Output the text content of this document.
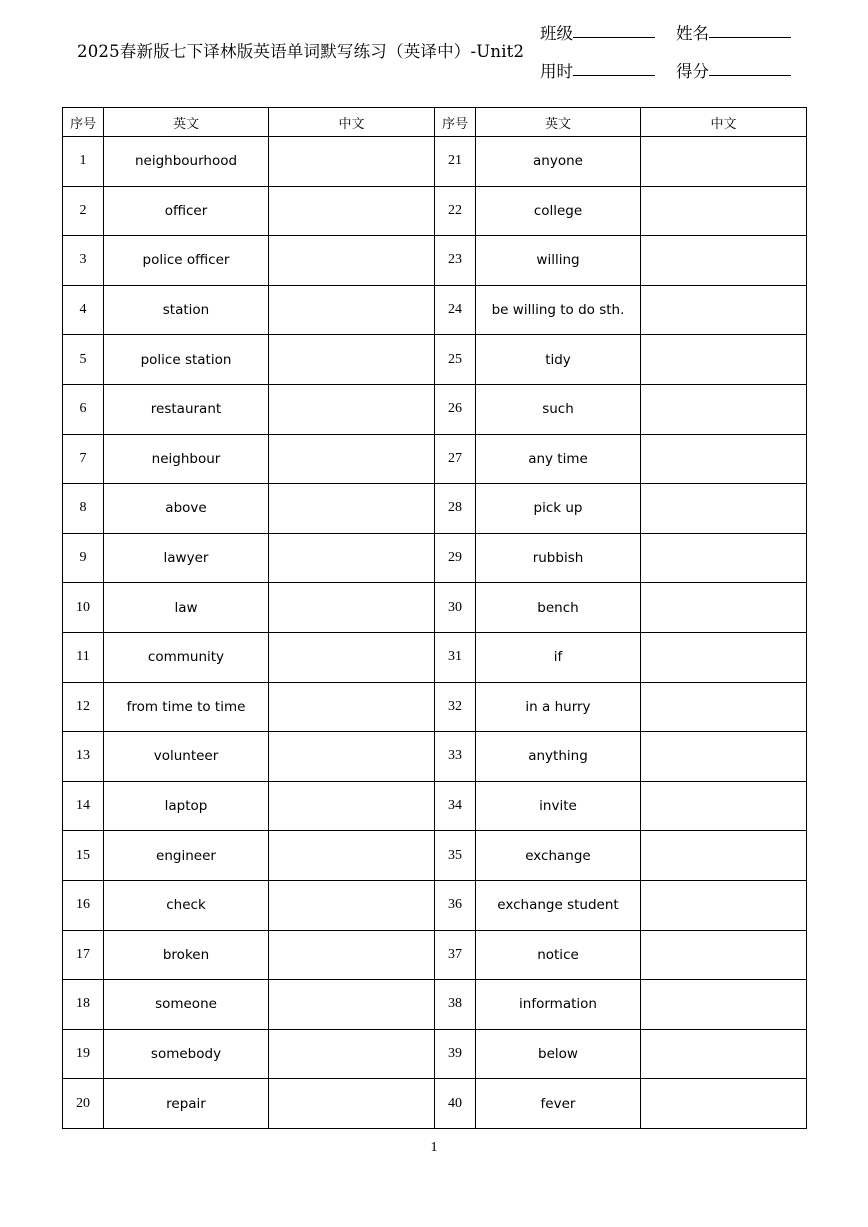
2025春新版七下译林版英语单词默写练习（英译中）-Unit2
班级	姓名
用时	得分
序号	英文	中文	序号	英文	中文
1	neighbourhood		21	anyone	
2	officer		22	college	
3	police officer		23	willing	
4	station		24	be willing to do sth.	
5	police station		25	tidy	
6	restaurant		26	such	
7	neighbour		27	any time	
8	above		28	pick up	
9	lawyer		29	rubbish	
10	law		30	bench	
11	community		31	if	
12	from time to time		32	in a hurry	
13	volunteer		33	anything	
14	laptop		34	invite	
15	engineer		35	exchange	
16	check		36	exchange student	
17	broken		37	notice	
18	someone		38	information	
19	somebody		39	below	
20	repair		40	fever	
1
